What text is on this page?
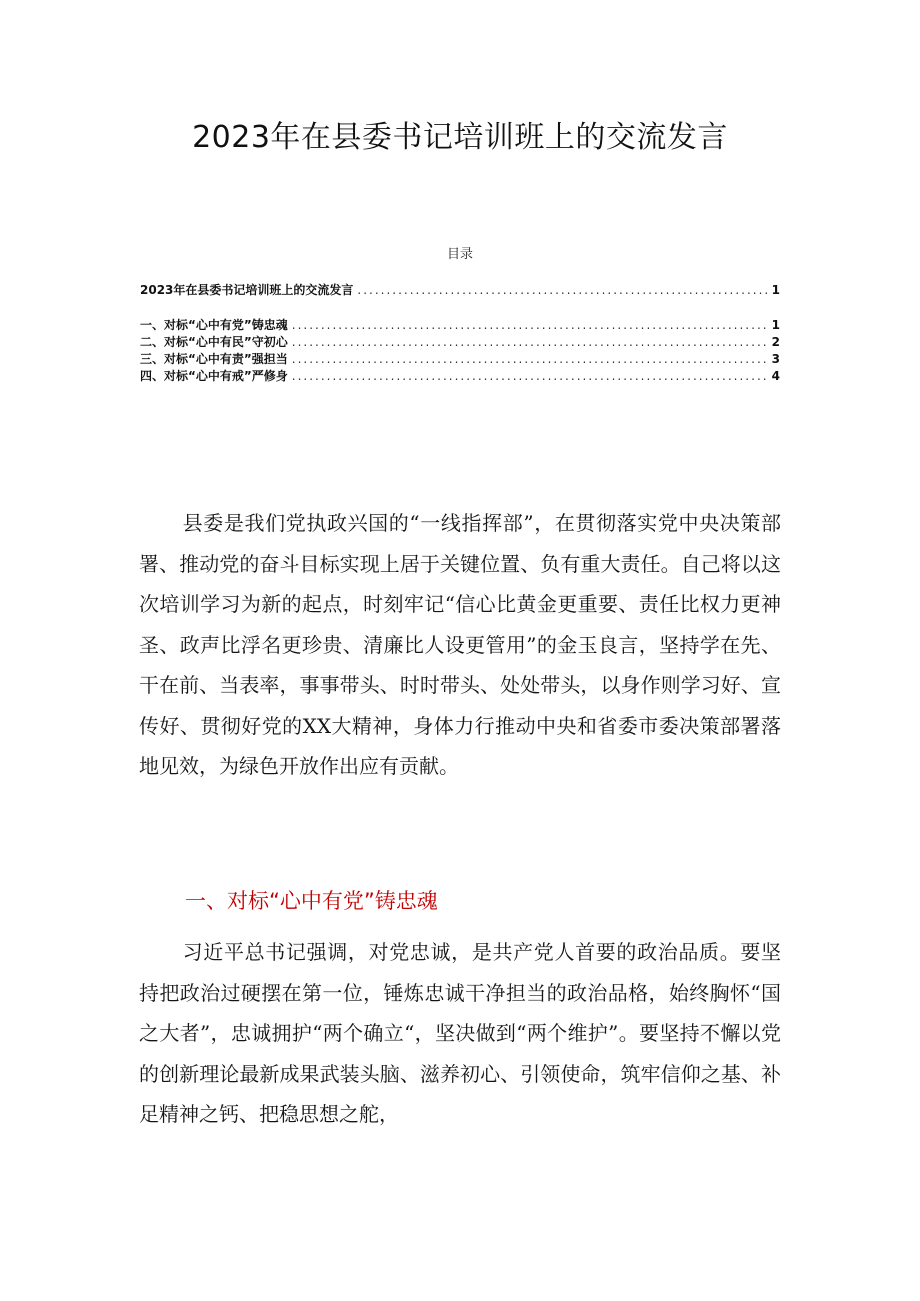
2023年在县委书记培训班上的交流发言
目录
2023年在县委书记培训班上的交流发言 .....	1
一、对标“心中有党”铸忠魂 .....	1
二、对标“心中有民”守初心 .....	2
三、对标“心中有责”强担当 .....	3
四、对标“心中有戒”严修身 .....	4

县委是我们党执政兴国的“一线指挥部”，在贯彻落实党中央决策部署、推动党的奋斗目标实现上居于关键位置、负有重大责任。自己将以这次培训学习为新的起点，时刻牢记“信心比黄金更重要、责任比权力更神圣、政声比浮名更珍贵、清廉比人设更管用”的金玉良言，坚持学在先、干在前、当表率，事事带头、时时带头、处处带头，以身作则学习好、宣传好、贯彻好党的XX大精神，身体力行推动中央和省委市委决策部署落地见效，为绿色开放作出应有贡献。

一、对标“心中有党”铸忠魂

习近平总书记强调，对党忠诚，是共产党人首要的政治品质。要坚持把政治过硬摆在第一位，锤炼忠诚干净担当的政治品格，始终胸怀“国之大者”，忠诚拥护“两个确立“，坚决做到“两个维护”。要坚持不懈以党的创新理论最新成果武装头脑、滋养初心、引领使命，筑牢信仰之基、补足精神之钙、把稳思想之舵，
